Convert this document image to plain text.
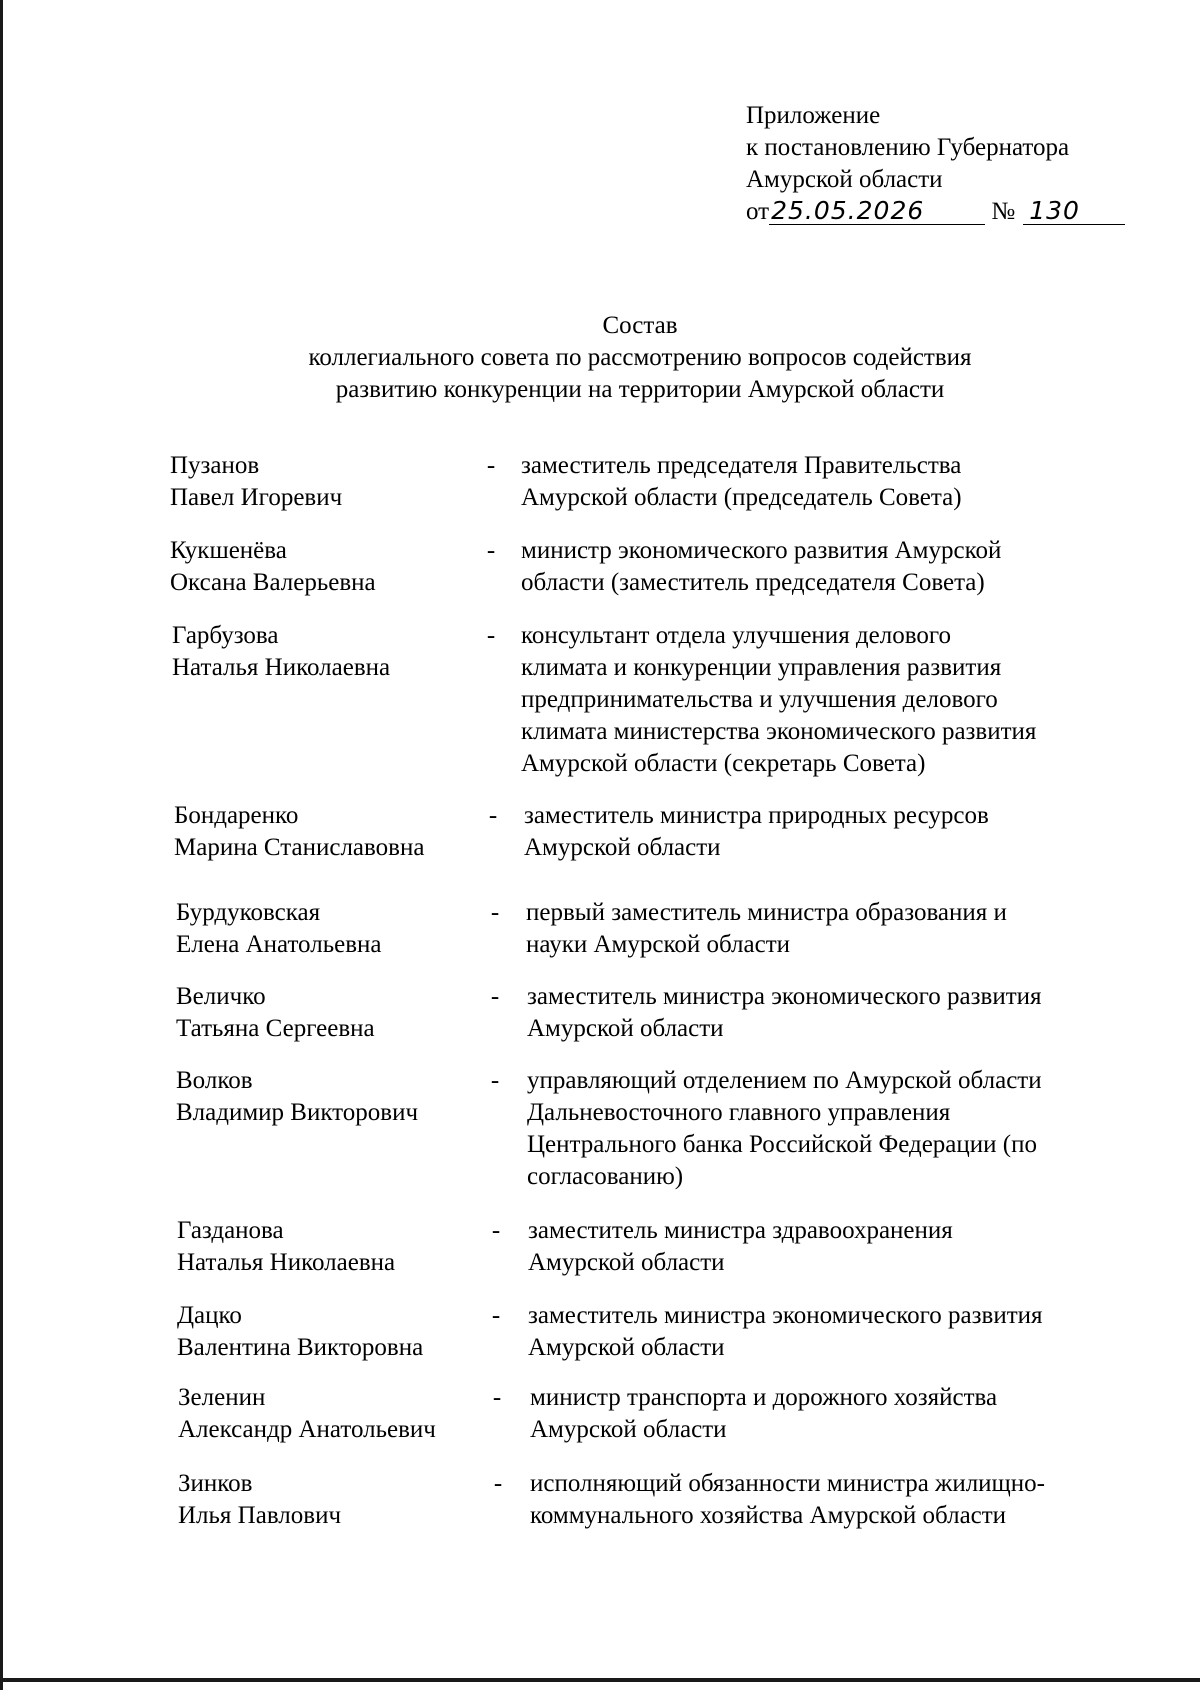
Приложение
к постановлению Губернатора
Амурской области
от25.05.2026	№ 130
Состав
коллегиального совета по рассмотрению вопросов содействия
развитию конкуренции на территории Амурской области
Пузанов
Павел Игоревич
- заместитель председателя Правительства
Амурской области (председатель Совета)
Кукшенёва
Оксана Валерьевна
- министр экономического развития Амурской
области (заместитель председателя Совета)
Гарбузова
Наталья Николаевна
- консультант отдела улучшения делового
климата и конкуренции управления развития
предпринимательства и улучшения делового
климата министерства экономического развития
Амурской области (секретарь Совета)
Бондаренко
Марина Станиславовна
- заместитель министра природных ресурсов
Амурской области
Бурдуковская
Елена Анатольевна
- первый заместитель министра образования и
науки Амурской области
Величко
Татьяна Сергеевна
- заместитель министра экономического развития
Амурской области
Волков
Владимир Викторович
- управляющий отделением по Амурской области
Дальневосточного главного управления
Центрального банка Российской Федерации (по
согласованию)
Газданова
Наталья Николаевна
- заместитель министра здравоохранения
Амурской области
Дацко
Валентина Викторовна
- заместитель министра экономического развития
Амурской области
Зеленин
Александр Анатольевич
- министр транспорта и дорожного хозяйства
Амурской области
Зинков
Илья Павлович
- исполняющий обязанности министра жилищно-
коммунального хозяйства Амурской области
